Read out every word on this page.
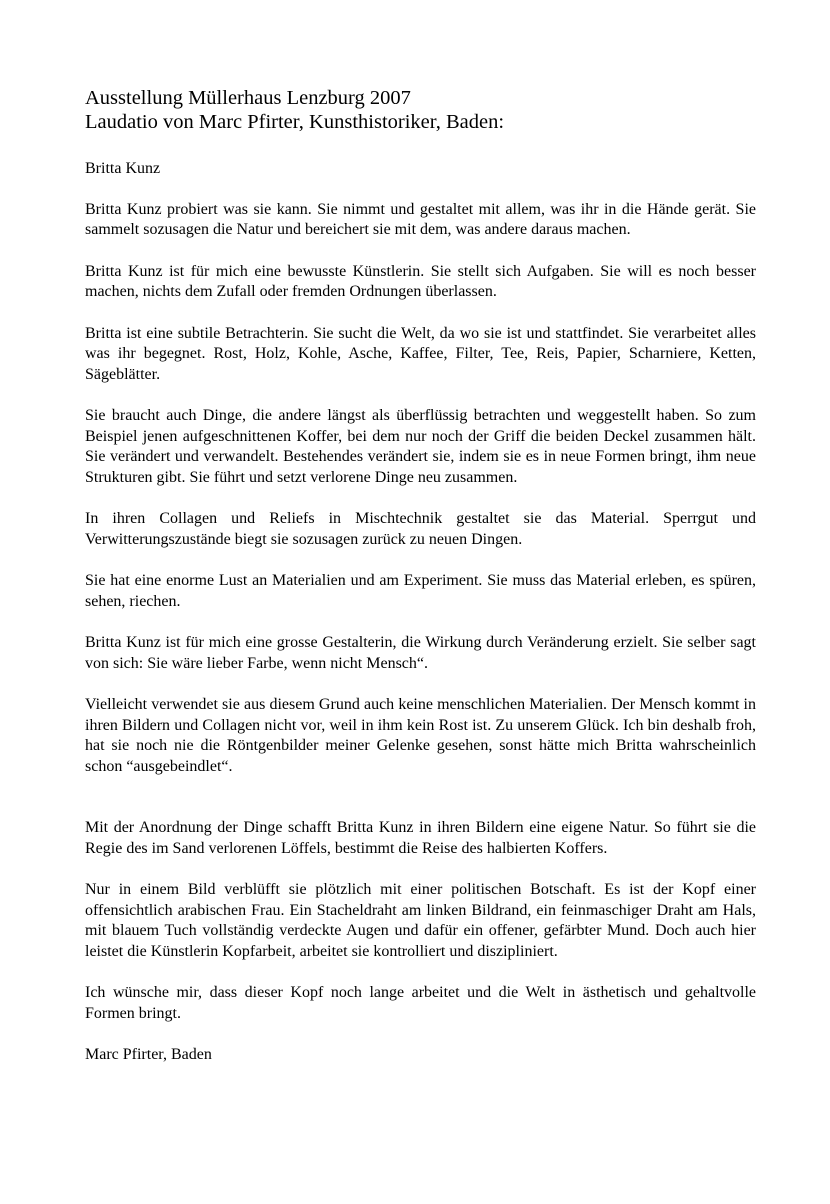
Ausstellung Müllerhaus Lenzburg 2007

Laudatio von Marc Pfirter, Kunsthistoriker, Baden:

Britta Kunz

Britta Kunz probiert was sie kann. Sie nimmt und gestaltet mit allem, was ihr in die Hände gerät. Sie sammelt sozusagen die Natur und bereichert sie mit dem, was andere daraus machen.

Britta Kunz ist für mich eine bewusste Künstlerin. Sie stellt sich Aufgaben. Sie will es noch besser machen, nichts dem Zufall oder fremden Ordnungen überlassen.

Britta ist eine subtile Betrachterin. Sie sucht die Welt, da wo sie ist und stattfindet. Sie verarbeitet alles was ihr begegnet. Rost, Holz, Kohle, Asche, Kaffee, Filter, Tee, Reis, Papier, Scharniere, Ketten, Sägeblätter.

Sie braucht auch Dinge, die andere längst als überflüssig betrachten und weggestellt haben. So zum Beispiel jenen aufgeschnittenen Koffer, bei dem nur noch der Griff die beiden Deckel zusammen hält. Sie verändert und verwandelt. Bestehendes verändert sie, indem sie es in neue Formen bringt, ihm neue Strukturen gibt. Sie führt und setzt verlorene Dinge neu zusammen.

In ihren Collagen und Reliefs in Mischtechnik gestaltet sie das Material. Sperrgut und Verwitterungszustände biegt sie sozusagen zurück zu neuen Dingen.

Sie hat eine enorme Lust an Materialien und am Experiment. Sie muss das Material erleben, es spüren, sehen, riechen.

Britta Kunz ist für mich eine grosse Gestalterin, die Wirkung durch Veränderung erzielt. Sie selber sagt von sich: Sie wäre lieber Farbe, wenn nicht Mensch“.

Vielleicht verwendet sie aus diesem Grund auch keine menschlichen Materialien. Der Mensch kommt in ihren Bildern und Collagen nicht vor, weil in ihm kein Rost ist. Zu unserem Glück. Ich bin deshalb froh, hat sie noch nie die Röntgenbilder meiner Gelenke gesehen, sonst hätte mich Britta wahrscheinlich schon “ausgebeindlet“.

Mit der Anordnung der Dinge schafft Britta Kunz in ihren Bildern eine eigene Natur. So führt sie die Regie des im Sand verlorenen Löffels, bestimmt die Reise des halbierten Koffers.

Nur in einem Bild verblüfft sie plötzlich mit einer politischen Botschaft. Es ist der Kopf einer offensichtlich arabischen Frau. Ein Stacheldraht am linken Bildrand, ein feinmaschiger Draht am Hals, mit blauem Tuch vollständig verdeckte Augen und dafür ein offener, gefärbter Mund. Doch auch hier leistet die Künstlerin Kopfarbeit, arbeitet sie kontrolliert und diszipliniert.

Ich wünsche mir, dass dieser Kopf noch lange arbeitet und die Welt in ästhetisch und gehaltvolle Formen bringt.

Marc Pfirter, Baden
